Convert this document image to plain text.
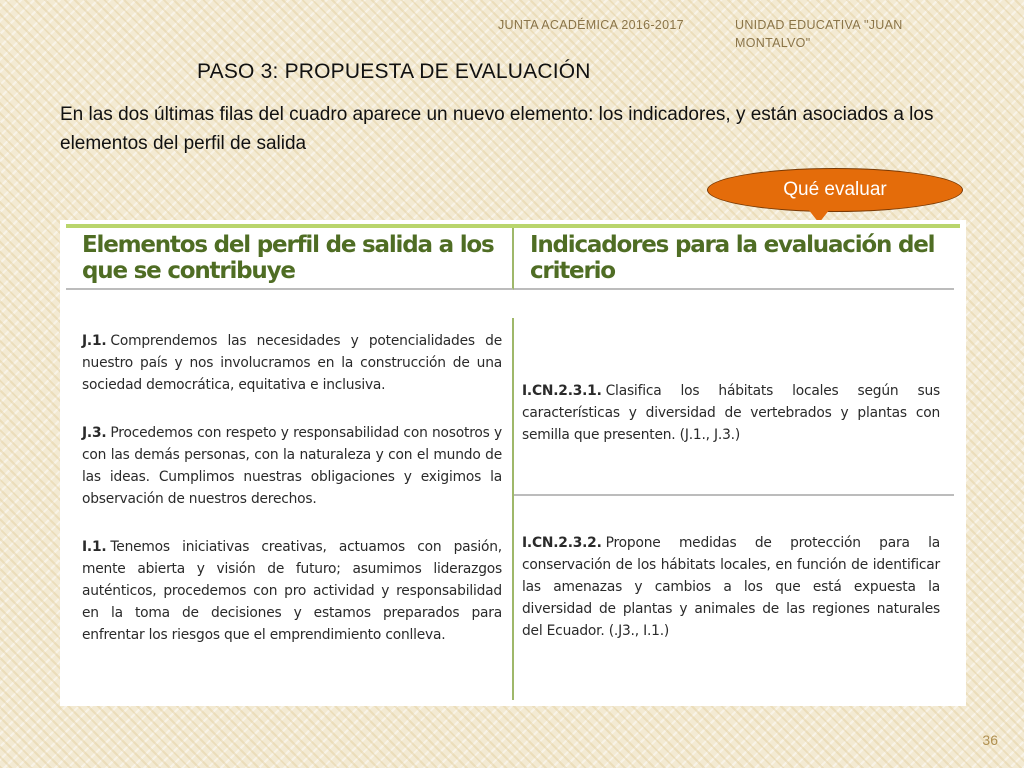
JUNTA ACADÉMICA 2016-2017	UNIDAD EDUCATIVA "JUAN MONTALVO"
PASO 3: PROPUESTA DE EVALUACIÓN

En las dos últimas filas del cuadro aparece un nuevo elemento: los indicadores, y están asociados a los elementos del perfil de salida

Qué evaluar
Elementos del perfil de salida a los que se contribuye
Indicadores para la evaluación del criterio

J.1. Comprendemos las necesidades y potencialidades de nuestro país y nos involucramos en la construcción de una sociedad democrática, equitativa e inclusiva.

J.3. Procedemos con respeto y responsabilidad con nosotros y con las demás personas, con la naturaleza y con el mundo de las ideas. Cumplimos nuestras obligaciones y exigimos la observación de nuestros derechos.

I.1. Tenemos iniciativas creativas, actuamos con pasión, mente abierta y visión de futuro; asumimos liderazgos auténticos, procedemos con pro actividad y responsabilidad en la toma de decisiones y estamos preparados para enfrentar los riesgos que el emprendimiento conlleva.

I.CN.2.3.1. Clasifica los hábitats locales según sus características y diversidad de vertebrados y plantas con semilla que presenten. (J.1., J.3.)

I.CN.2.3.2. Propone medidas de protección para la conservación de los hábitats locales, en función de identificar las amenazas y cambios a los que está expuesta la diversidad de plantas y animales de las regiones naturales del Ecuador. (.J3., I.1.)

36
